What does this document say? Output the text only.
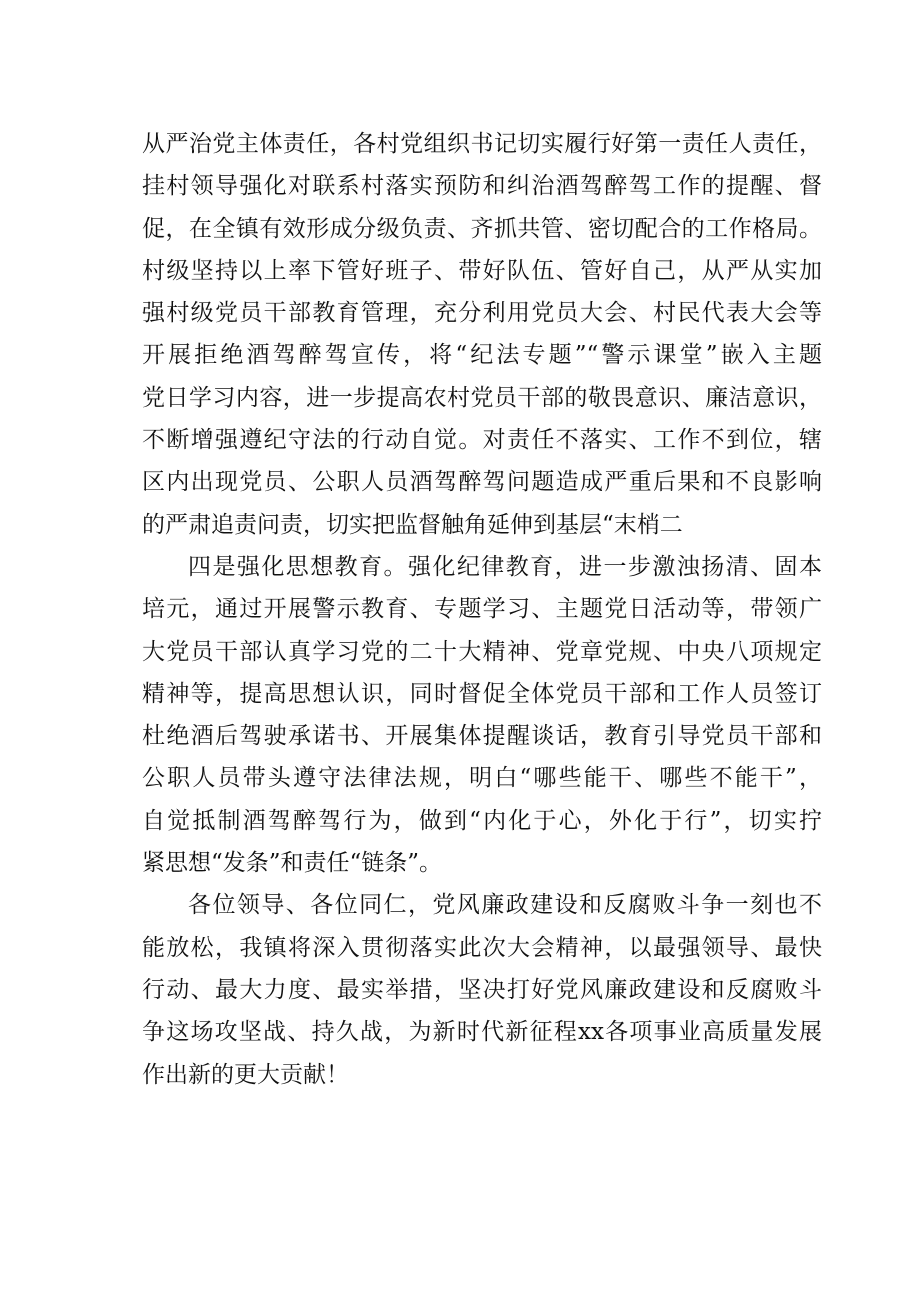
从严治党主体责任，各村党组织书记切实履行好第一责任人责任，
挂村领导强化对联系村落实预防和纠治酒驾醉驾工作的提醒、督
促，在全镇有效形成分级负责、齐抓共管、密切配合的工作格局。
村级坚持以上率下管好班子、带好队伍、管好自己，从严从实加
强村级党员干部教育管理，充分利用党员大会、村民代表大会等
开展拒绝酒驾醉驾宣传，将“纪法专题”“警示课堂”嵌入主题
党日学习内容，进一步提高农村党员干部的敬畏意识、廉洁意识，
不断增强遵纪守法的行动自觉。对责任不落实、工作不到位，辖
区内出现党员、公职人员酒驾醉驾问题造成严重后果和不良影响
的严肃追责问责，切实把监督触角延伸到基层“末梢二
四是强化思想教育。强化纪律教育，进一步激浊扬清、固本
培元，通过开展警示教育、专题学习、主题党日活动等，带领广
大党员干部认真学习党的二十大精神、党章党规、中央八项规定
精神等，提高思想认识，同时督促全体党员干部和工作人员签订
杜绝酒后驾驶承诺书、开展集体提醒谈话，教育引导党员干部和
公职人员带头遵守法律法规，明白“哪些能干、哪些不能干”，
自觉抵制酒驾醉驾行为，做到“内化于心，外化于行”，切实拧
紧思想“发条”和责任“链条”。
各位领导、各位同仁，党风廉政建设和反腐败斗争一刻也不
能放松，我镇将深入贯彻落实此次大会精神，以最强领导、最快
行动、最大力度、最实举措，坚决打好党风廉政建设和反腐败斗
争这场攻坚战、持久战，为新时代新征程xx各项事业高质量发展
作出新的更大贡献！
